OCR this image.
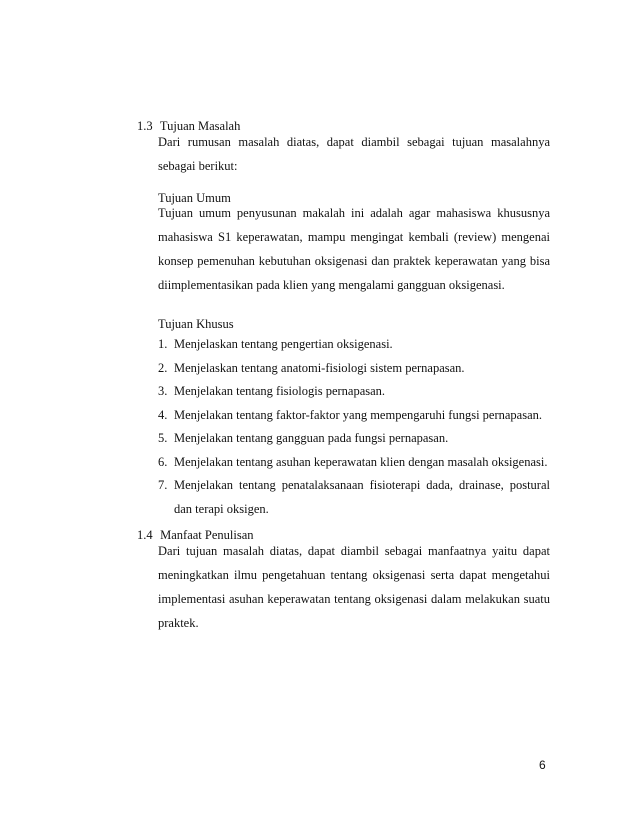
1.3 Tujuan Masalah
Dari rumusan masalah diatas, dapat diambil sebagai tujuan masalahnya sebagai berikut:
Tujuan Umum
Tujuan umum penyusunan makalah ini adalah agar mahasiswa khususnya mahasiswa S1 keperawatan, mampu mengingat kembali (review) mengenai konsep pemenuhan kebutuhan oksigenasi dan praktek keperawatan yang bisa diimplementasikan pada klien yang mengalami gangguan oksigenasi.
Tujuan Khusus
1. Menjelaskan tentang pengertian oksigenasi.
2. Menjelaskan tentang anatomi-fisiologi sistem pernapasan.
3. Menjelakan tentang fisiologis pernapasan.
4. Menjelakan tentang faktor-faktor yang mempengaruhi fungsi pernapasan.
5. Menjelakan tentang gangguan pada fungsi pernapasan.
6. Menjelakan tentang asuhan keperawatan klien dengan masalah oksigenasi.
7. Menjelakan tentang penatalaksanaan fisioterapi dada, drainase, postural dan terapi oksigen.
1.4 Manfaat Penulisan
Dari tujuan masalah diatas, dapat diambil sebagai manfaatnya yaitu dapat meningkatkan ilmu pengetahuan tentang oksigenasi serta dapat mengetahui implementasi asuhan keperawatan tentang oksigenasi dalam melakukan suatu praktek.
6
